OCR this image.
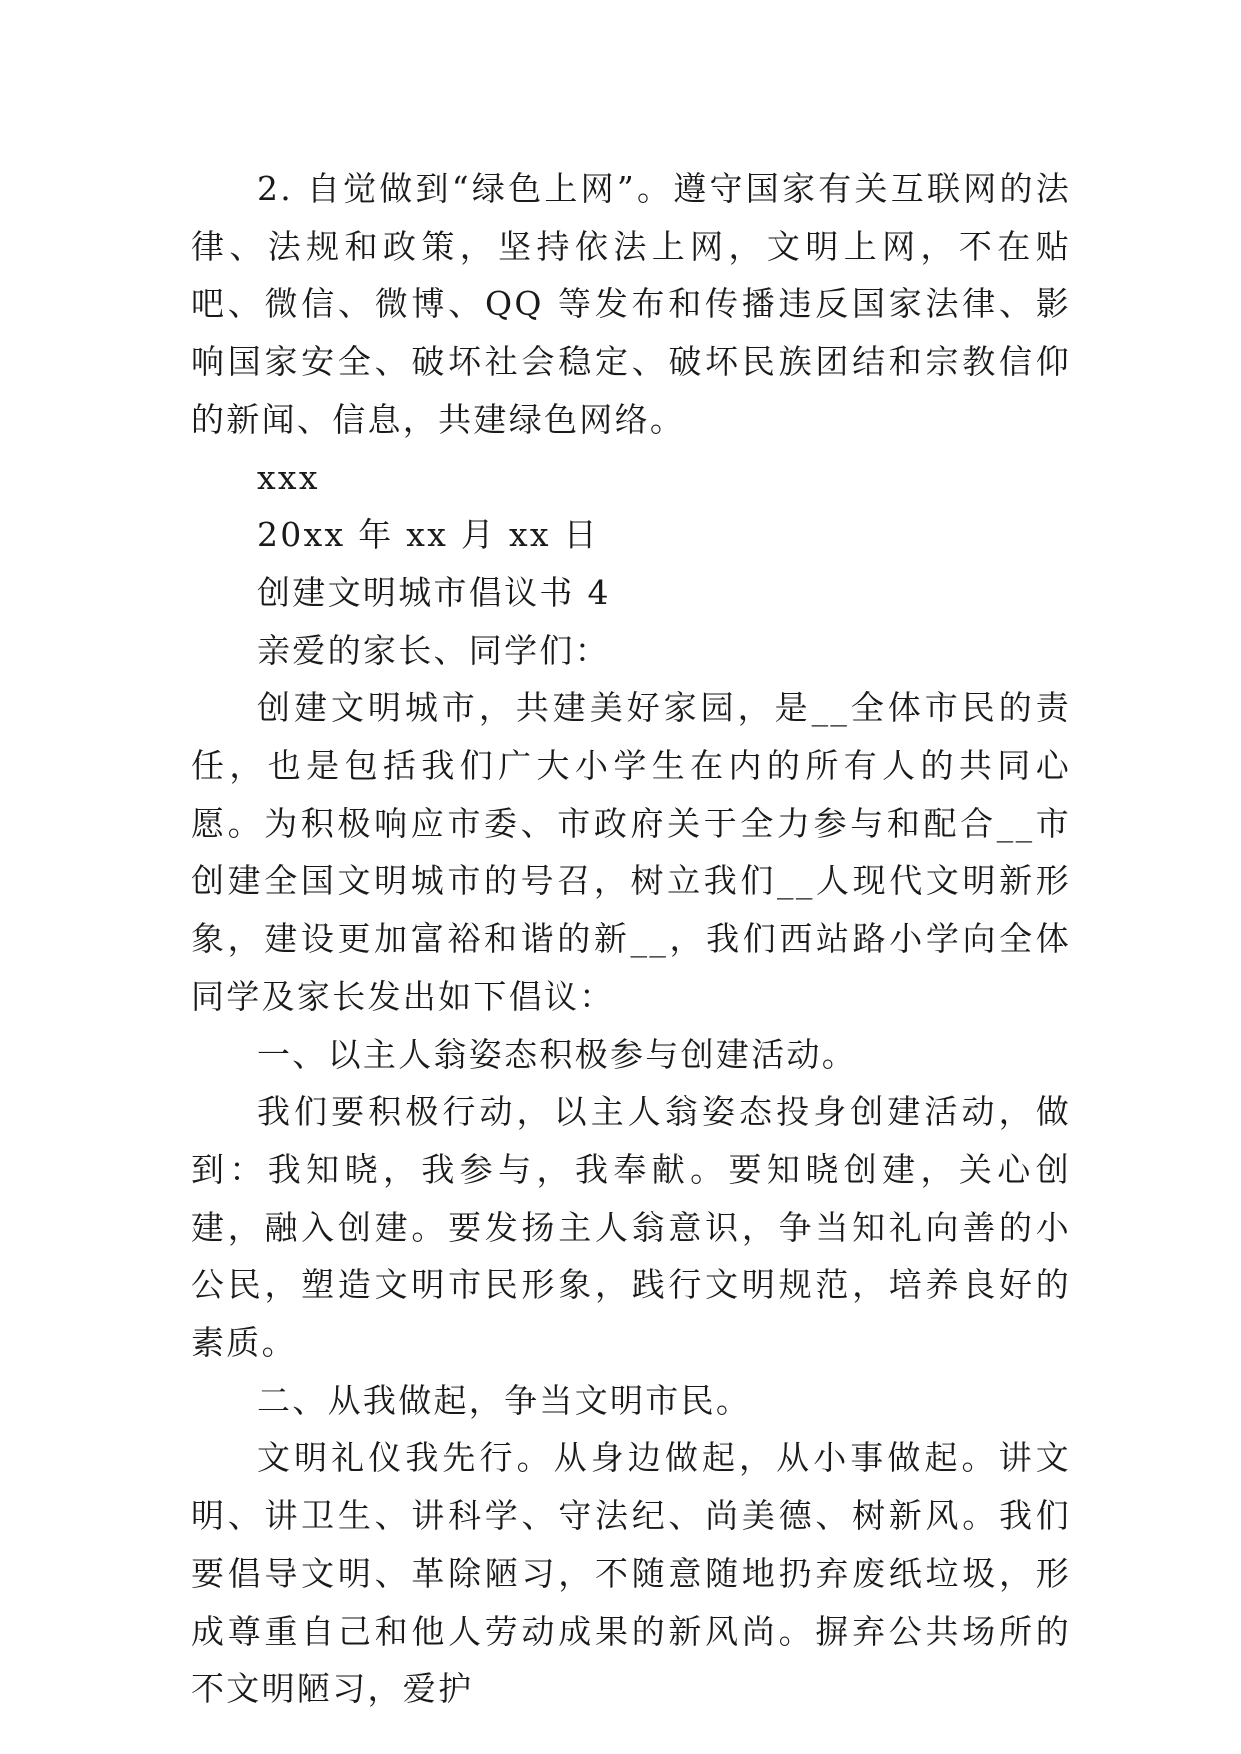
2. 自觉做到“绿色上网”。遵守国家有关互联网的法律、法规和政策，坚持依法上网，文明上网，不在贴吧、微信、微博、QQ 等发布和传播违反国家法律、影响国家安全、破坏社会稳定、破坏民族团结和宗教信仰的新闻、信息，共建绿色网络。

xxx

20xx 年 xx 月 xx 日

创建文明城市倡议书 4

亲爱的家长、同学们：

创建文明城市，共建美好家园，是__全体市民的责任，也是包括我们广大小学生在内的所有人的共同心愿。为积极响应市委、市政府关于全力参与和配合__市创建全国文明城市的号召，树立我们__人现代文明新形象，建设更加富裕和谐的新__，我们西站路小学向全体同学及家长发出如下倡议：

一、以主人翁姿态积极参与创建活动。

我们要积极行动，以主人翁姿态投身创建活动，做到：我知晓，我参与，我奉献。要知晓创建，关心创建，融入创建。要发扬主人翁意识，争当知礼向善的小公民，塑造文明市民形象，践行文明规范，培养良好的素质。

二、从我做起，争当文明市民。

文明礼仪我先行。从身边做起，从小事做起。讲文明、讲卫生、讲科学、守法纪、尚美德、树新风。我们要倡导文明、革除陋习，不随意随地扔弃废纸垃圾，形成尊重自己和他人劳动成果的新风尚。摒弃公共场所的不文明陋习，爱护
